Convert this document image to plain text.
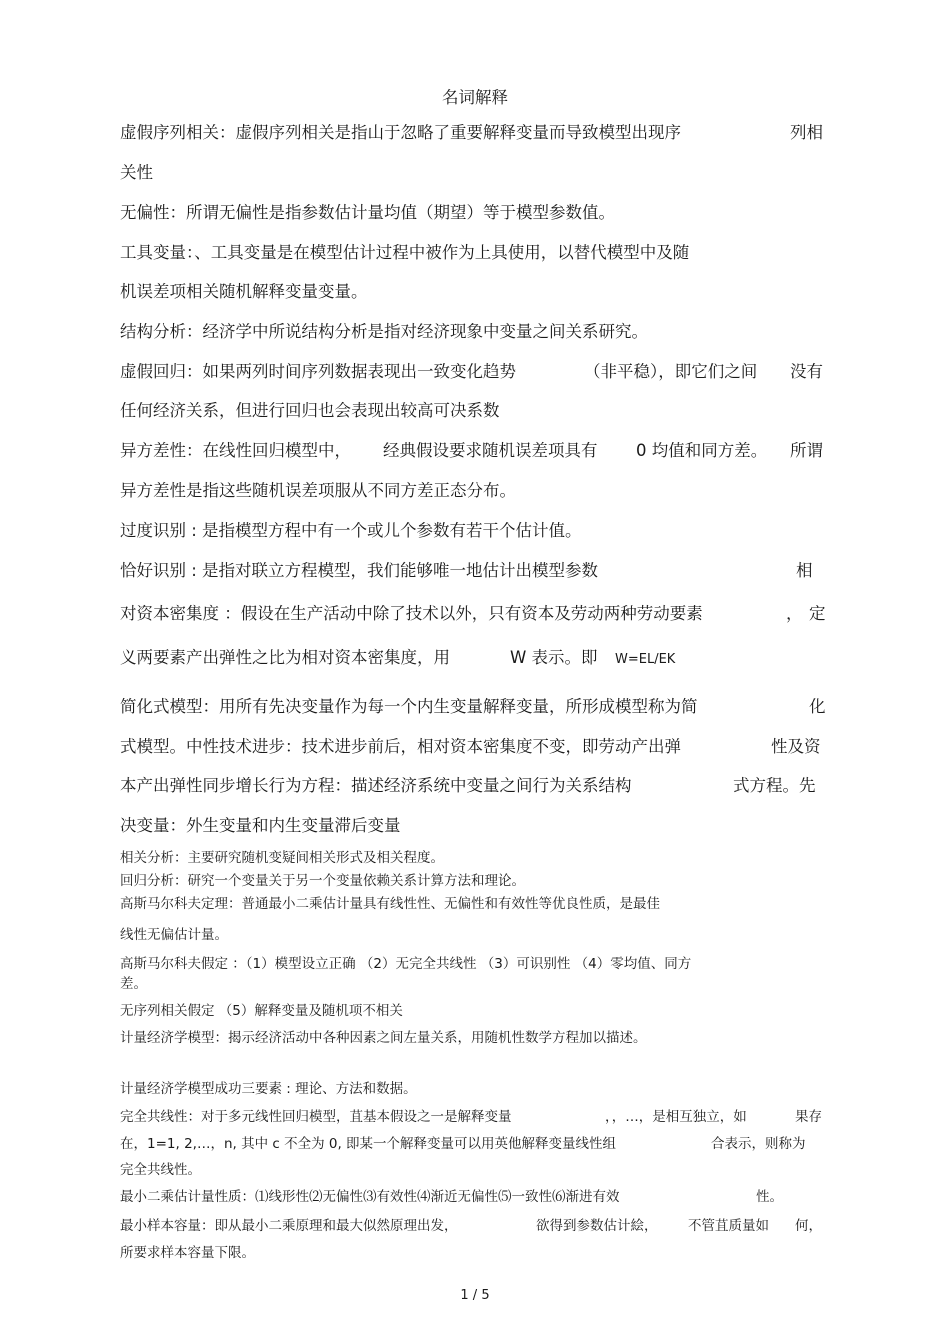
名词解释
虚假序列相关：虚假序列相关是指山于忽略了重要解释变量而导致模型出现序	列相
关性
无偏性：所谓无偏性是指参数估计量均值（期望）等于模型参数值。
工具变量：、工具变量是在模型估计过程中被作为上具使用，以替代模型中及随
机误差项相关随机解释变量变量。
结构分析：经济学中所说结构分析是指对经济现象中变量之间关系研究。
虚假回归：如果两列时间序列数据表现出一致变化趋势	（非平稳），即它们之间 没有
任何经济关系，但进行回归也会表现出较高可决系数
异方差性：在线性回归模型中， 经典假设要求随机误差项具有 0 均值和同方差。 所谓
异方差性是指这些随机误差项服从不同方差正态分布。
过度识别 : 是指模型方程中有一个或儿个参数有若干个估计值。
恰好识别 : 是指对联立方程模型，我们能够唯一地估计出模型参数	相
对资本密集度 ：假设在生产活动中除了技术以外，只有资本及劳动两种劳动要素	， 定
义两要素产出弹性之比为相对资本密集度，用	W 表示。即 W=EL/EK
简化式模型：用所有先决变量作为每一个内生变量解释变量，所形成模型称为简	化
式模型。中性技术进步：技术进步前后，相对资本密集度不变，即劳动产出弹	性及资
本产出弹性同步增长行为方程：描述经济系统中变量之间行为关系结构	式方程。先
决变量：外生变量和内生变量滞后变量
相关分析：主要研究随机变疑间相关形式及相关程度。
回归分析：研究一个变量关于另一个变量依赖关系计算方法和理论。
高斯马尔科夫定理：普通最小二乘估计量具有线性性、无偏性和有效性等优良性质，是最佳
线性无偏估计量。
高斯马尔科夫假定 ：（1）模型设立正确 （2）无完全共线性 （3）可识别性 （4）零均值、同方
差。
无序列相关假定 （5）解释变量及随机项不相关
计量经济学模型：揭示经济活动中各种因素之间左量关系，用随机性数学方程加以描述。
计量经济学模型成功三要素 : 理论、方法和数据。
完全共线性：对于多元线性回归模型，苴基本假设之一是解释变量	，，…，是相互独立，如	果存
在，1=1, 2,…，n, 其中 c 不全为 0, 即某一个解释变量可以用英他解释变量线性组	合表示，则称为
完全共线性。
最小二乘估计量性质：⑴线形性⑵无偏性⑶有效性⑷渐近无偏性⑸一致性⑹渐进有效	性。
最小样本容量：即从最小二乘原理和最大似然原理出发，	欲得到参数估计絵， 不管苴质量如 何，
所要求样本容量下限。
1 / 5
